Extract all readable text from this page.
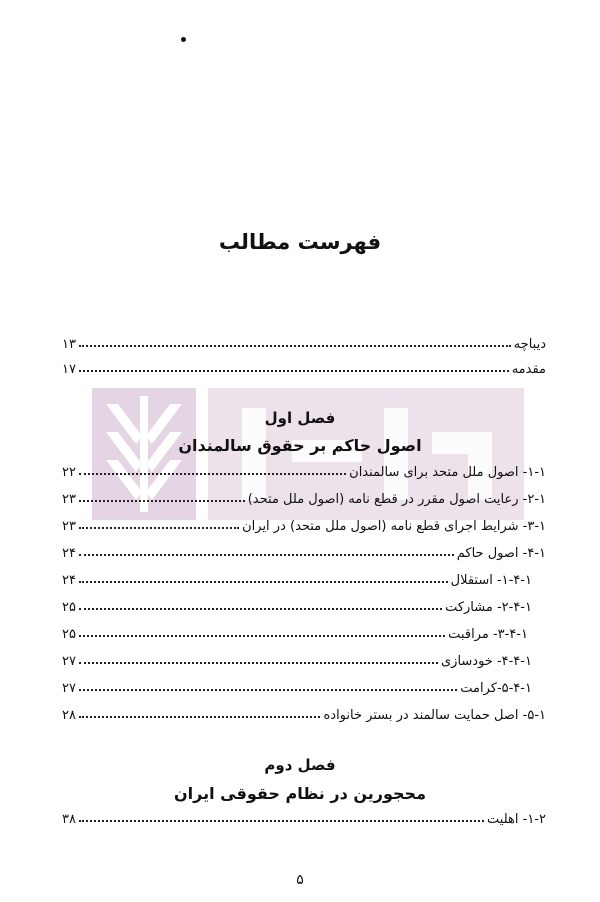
فهرست مطالب
دیباچه
۱۳
مقدمه
۱۷
فصل اول
اصول حاکم بر حقوق سالمندان
۱-۱- اصول ملل متحد برای سالمندان
۲۲
۲-۱- رعایت اصول مقرر در قطع نامه (اصول ملل متحد)
۲۳
۳-۱- شرایط اجرای قطع نامه (اصول ملل متحد) در ایران
۲۳
۴-۱- اصول حاکم
۲۴
۱-۴-۱- استقلال
۲۴
۲-۴-۱- مشارکت
۲۵
۳-۴-۱- مراقبت
۲۵
۴-۴-۱- خودسازی
۲۷
۵-۴-۱-کرامت
۲۷
۵-۱- اصل حمایت سالمند در بستر خانواده
۲۸
فصل دوم
محجورین در نظام حقوقی ایران
۱-۲- اهلیت
۳۸
۵
